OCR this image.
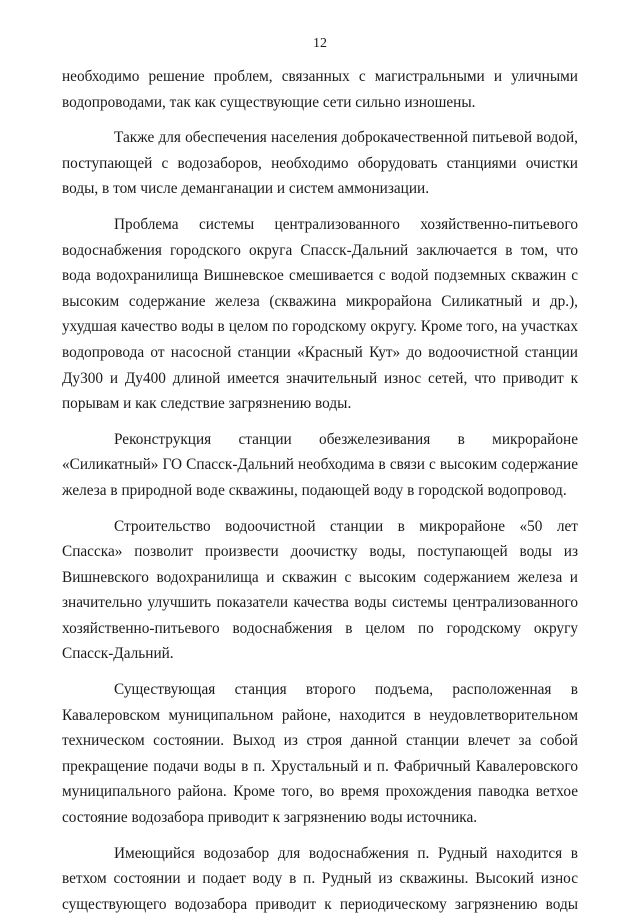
12

необходимо решение проблем, связанных с магистральными и уличными водопроводами, так как существующие сети сильно изношены.

Также для обеспечения населения доброкачественной питьевой водой, поступающей с водозаборов, необходимо оборудовать станциями очистки воды, в том числе деманганации и систем аммонизации.

Проблема системы централизованного хозяйственно-питьевого водоснабжения городского округа Спасск-Дальний заключается в том, что вода водохранилища Вишневское смешивается с водой подземных скважин с высоким содержание железа (скважина микрорайона Силикатный и др.), ухудшая качество воды в целом по городскому округу. Кроме того, на участках водопровода от насосной станции «Красный Кут» до водоочистной станции Ду300 и Ду400 длиной имеется значительный износ сетей, что приводит к порывам и как следствие загрязнению воды.

Реконструкция станции обезжелезивания в микрорайоне «Силикатный» ГО Спасск-Дальний необходима в связи с высоким содержание железа в природной воде скважины, подающей воду в городской водопровод.

Строительство водоочистной станции в микрорайоне «50 лет Спасска» позволит произвести доочистку воды, поступающей воды из Вишневского водохранилища и скважин с высоким содержанием железа и значительно улучшить показатели качества воды системы централизованного хозяйственно-питьевого водоснабжения в целом по городскому округу Спасск-Дальний.

Существующая станция второго подъема, расположенная в Кавалеровском муниципальном районе, находится в неудовлетворительном техническом состоянии. Выход из строя данной станции влечет за собой прекращение подачи воды в п. Хрустальный и п. Фабричный Кавалеровского муниципального района. Кроме того, во время прохождения паводка ветхое состояние водозабора приводит к загрязнению воды источника.

Имеющийся водозабор для водоснабжения п. Рудный находится в ветхом состоянии и подает воду в п. Рудный из скважины. Высокий износ существующего водозабора приводит к периодическому загрязнению воды
